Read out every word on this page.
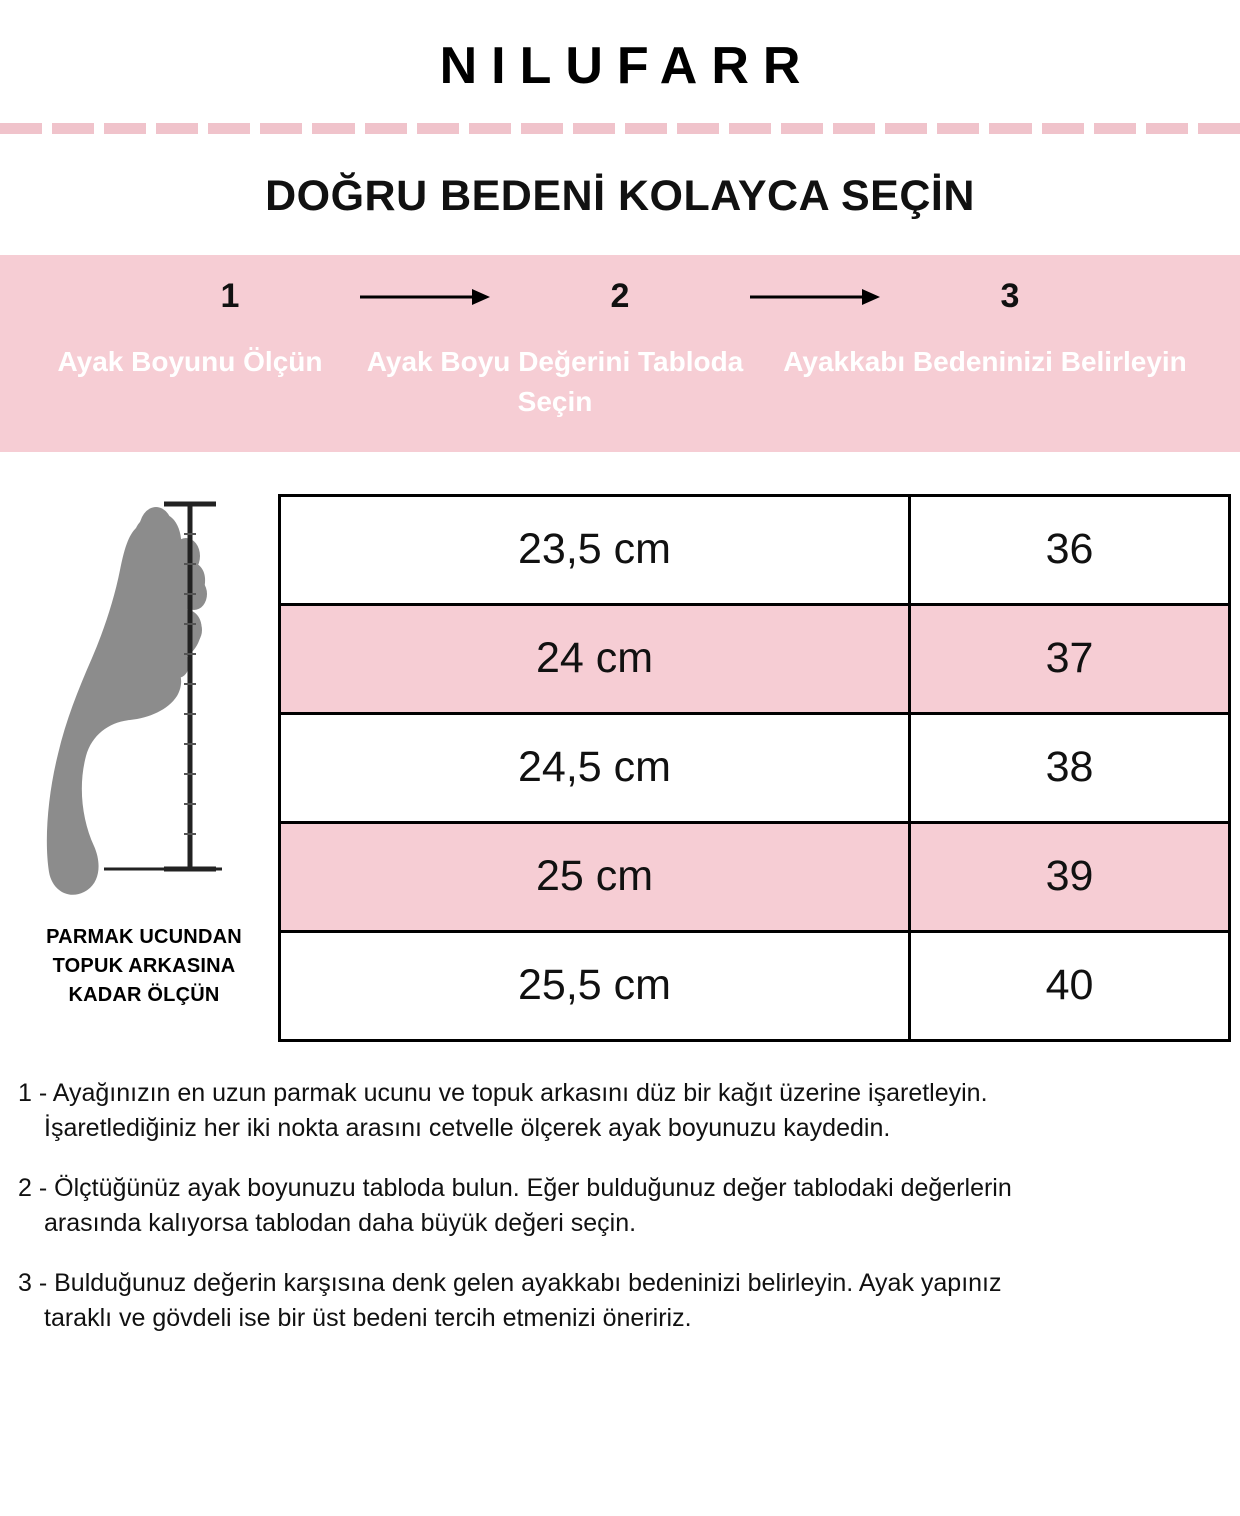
NILUFARR
DOĞRU BEDENİ KOLAYCA SEÇİN
1	2	3
Ayak Boyunu Ölçün	Ayak Boyu Değerini Tabloda Seçin
Ayakkabı Bedeninizi Belirleyin
PARMAK UCUNDAN TOPUK ARKASINA KADAR ÖLÇÜN
23,5 cm	36
24 cm	37
24,5 cm	38
25 cm	39
25,5 cm	40
1 - Ayağınızın en uzun parmak ucunu ve topuk arkasını düz bir kağıt üzerine işaretleyin.
İşaretlediğiniz her iki nokta arasını cetvelle ölçerek ayak boyunuzu kaydedin.
2 - Ölçtüğünüz ayak boyunuzu tabloda bulun. Eğer bulduğunuz değer tablodaki değerlerin
arasında kalıyorsa tablodan daha büyük değeri seçin.
3 - Bulduğunuz değerin karşısına denk gelen ayakkabı bedeninizi belirleyin. Ayak yapınız
taraklı ve gövdeli ise bir üst bedeni tercih etmenizi öneririz.
